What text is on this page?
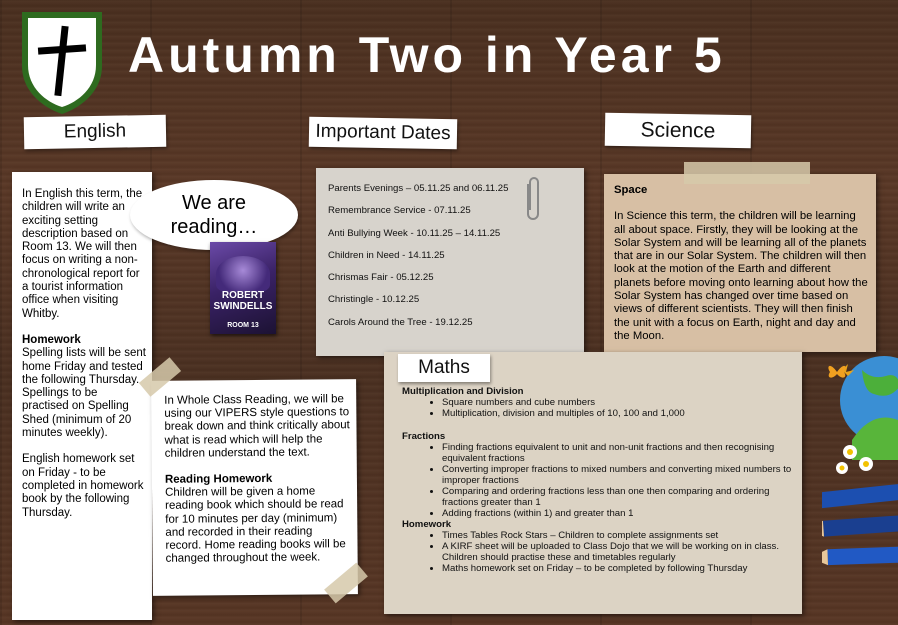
Autumn Two in Year 5
English	Important Dates	Science

In English this term, the children will write an exciting setting description based on Room 13. We will then focus on writing a non-chronological report for a tourist information office when visiting Whitby.

Homework

Spelling lists will be sent home Friday and tested the following Thursday. Spellings to be practised on Spelling Shed (minimum of 20 minutes weekly).

English homework set on Friday - to be completed in homework book by the following Thursday.

We are reading…
ROBERT SWINDELLS
ROOM 13

In Whole Class Reading, we will be using our VIPERS style questions to break down and think critically about what is read which will help the children understand the text.

Reading Homework

Children will be given a home reading book which should be read for 10 minutes per day (minimum) and recorded in their reading record. Home reading books will be changed throughout the week.

Parents Evenings – 05.11.25 and 06.11.25
Remembrance Service - 07.11.25
Anti Bullying Week - 10.11.25 – 14.11.25
Children in Need - 14.11.25
Chrismas Fair - 05.12.25
Christingle - 10.12.25
Carols Around the Tree - 19.12.25

Space

In Science this term, the children will be learning all about space. Firstly, they will be looking at the Solar System and will be learning all of the planets that are in our Solar System. The children will then look at the motion of the Earth and different planets before moving onto learning about how the Solar System has changed over time based on views of different scientists. They will then finish the unit with a focus on Earth, night and day and the Moon.

Multiplication and Division
• Square numbers and cube numbers
• Multiplication, division and multiples of 10, 100 and 1,000
Fractions
• Finding fractions equivalent to unit and non-unit fractions and then recognising equivalent fractions
• Converting improper fractions to mixed numbers and converting mixed numbers to improper fractions
• Comparing and ordering fractions less than one then comparing and ordering fractions greater than 1
• Adding fractions (within 1) and greater than 1
Homework
• Times Tables Rock Stars – Children to complete assignments set
• A KIRF sheet will be uploaded to Class Dojo that we will be working on in class. Children should practise these and timetables regularly
• Maths homework set on Friday – to be completed by following Thursday
Maths
